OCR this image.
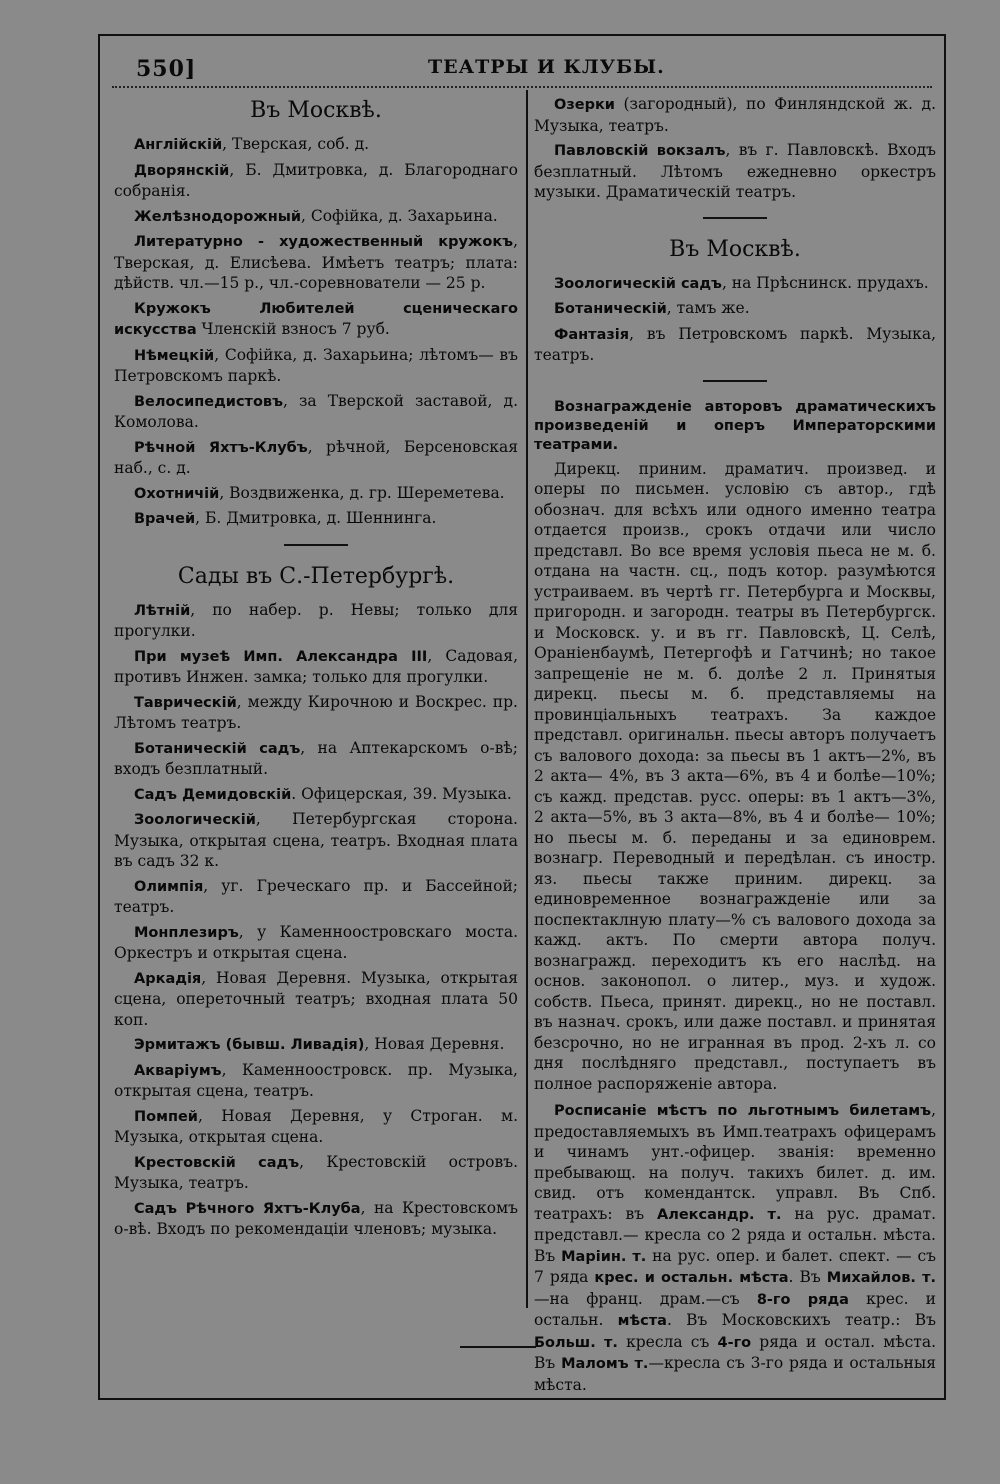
550]	ТЕАТРЫ И КЛУБЫ.
Въ Москвѣ.

Англійскій, Тверская, соб. д.

Дворянскій, Б. Дмитровка, д. Благороднаго собранія.

Желѣзнодорожный, Софійка, д. Захарьина.

Литературно - художественный кружокъ, Тверская, д. Елисѣева. Имѣетъ театръ; плата: дѣйств. чл.—15 р., чл.-соревнователи — 25 р.

Кружокъ Любителей сценическаго искусства Членскій взносъ 7 руб.

Нѣмецкій, Софійка, д. Захарьина; лѣтомъ— въ Петровскомъ паркѣ.

Велосипедистовъ, за Тверской заставой, д. Комолова.

Рѣчной Яхтъ-Клубъ, рѣчной, Берсеновская наб., с. д.

Охотничій, Воздвиженка, д. гр. Шереметева.

Врачей, Б. Дмитровка, д. Шеннинга.

Сады въ С.-Петербургѣ.

Лѣтній, по набер. р. Невы; только для прогулки.

При музеѣ Имп. Александра III, Садовая, противъ Инжен. замка; только для прогулки.

Таврическій, между Кирочною и Воскрес. пр. Лѣтомъ театръ.

Ботаническій садъ, на Аптекарскомъ о-вѣ; входъ безплатный.

Садъ Демидовскій. Офицерская, 39. Музыка.

Зоологическій, Петербургская сторона. Музыка, открытая сцена, театръ. Входная плата въ садъ 32 к.

Олимпія, уг. Греческаго пр. и Бассейной; театръ.

Монплезиръ, у Каменноостровскаго моста. Оркестръ и открытая сцена.

Аркадія, Новая Деревня. Музыка, открытая сцена, опереточный театръ; входная плата 50 коп.

Эрмитажъ (бывш. Ливадія), Новая Деревня.

Акваріумъ, Каменноостровск. пр. Музыка, открытая сцена, театръ.

Помпей, Новая Деревня, у Строган. м. Музыка, открытая сцена.

Крестовскій садъ, Крестовскій островъ. Музыка, театръ.

Садъ Рѣчного Яхтъ-Клуба, на Крестовскомъ о-вѣ. Входъ по рекомендаціи членовъ; музыка.

Озерки (загородный), по Финляндской ж. д. Музыка, театръ.

Павловскій вокзалъ, въ г. Павловскѣ. Входъ безплатный. Лѣтомъ ежедневно оркестръ музыки. Драматическій театръ.

Въ Москвѣ.

Зоологическій садъ, на Прѣснинск. прудахъ.

Ботаническій, тамъ же.

Фантазія, въ Петровскомъ паркѣ. Музыка, театръ.

Вознагражденіе авторовъ драматическихъ произведеній и оперъ Императорскими театрами.

Дирекц. приним. драматич. произвед. и оперы по письмен. условію съ автор., гдѣ обознач. для всѣхъ или одного именно театра отдается произв., срокъ отдачи или число представл. Во все время условія пьеса не м. б. отдана на частн. сц., подъ котор. разумѣются устраиваем. въ чертѣ гг. Петербурга и Москвы, пригородн. и загородн. театры въ Петербургск. и Московск. у. и въ гг. Павловскѣ, Ц. Селѣ, Ораніенбаумѣ, Петергофѣ и Гатчинѣ; но такое запрещеніе не м. б. долѣе 2 л. Принятыя дирекц. пьесы м. б. представляемы на провинціальныхъ театрахъ. За каждое представл. оригинальн. пьесы авторъ получаетъ съ валового дохода: за пьесы въ 1 актъ—2%, въ 2 акта— 4%, въ 3 акта—6%, въ 4 и болѣе—10%; съ кажд. представ. русс. оперы: въ 1 актъ—3%, 2 акта—5%, въ 3 акта—8%, въ 4 и болѣе— 10%; но пьесы м. б. переданы и за единоврем. вознагр. Переводный и передѣлан. съ иностр. яз. пьесы также приним. дирекц. за единовременное вознагражденіе или за поспектаклную плату—% съ валового дохода за кажд. актъ. По смерти автора получ. вознагражд. переходитъ къ его наслѣд. на основ. законопол. о литер., муз. и худож. собств. Пьеса, принят. дирекц., но не поставл. въ назнач. срокъ, или даже поставл. и принятая безсрочно, но не игранная въ прод. 2-хъ л. со дня послѣдняго представл., поступаетъ въ полное распоряженіе автора.

Росписаніе мѣстъ по льготнымъ билетамъ, предоставляемыхъ въ Имп.театрахъ офицерамъ и чинамъ унт.-офицер. званія: временно пребывающ. на получ. такихъ билет. д. им. свид. отъ комендантск. управл. Въ Спб. театрахъ: въ Александр. т. на рус. драмат. представл.— кресла со 2 ряда и остальн. мѣста. Въ Маріин. т. на рус. опер. и балет. спект. — съ 7 ряда крес. и остальн. мѣста. Въ Михайлов. т.—на франц. драм.—съ 8-го ряда крес. и остальн. мѣста. Въ Московскихъ театр.: Въ Больш. т. кресла съ 4-го ряда и остал. мѣста. Въ Маломъ т.—кресла съ 3-го ряда и остальныя мѣста.
